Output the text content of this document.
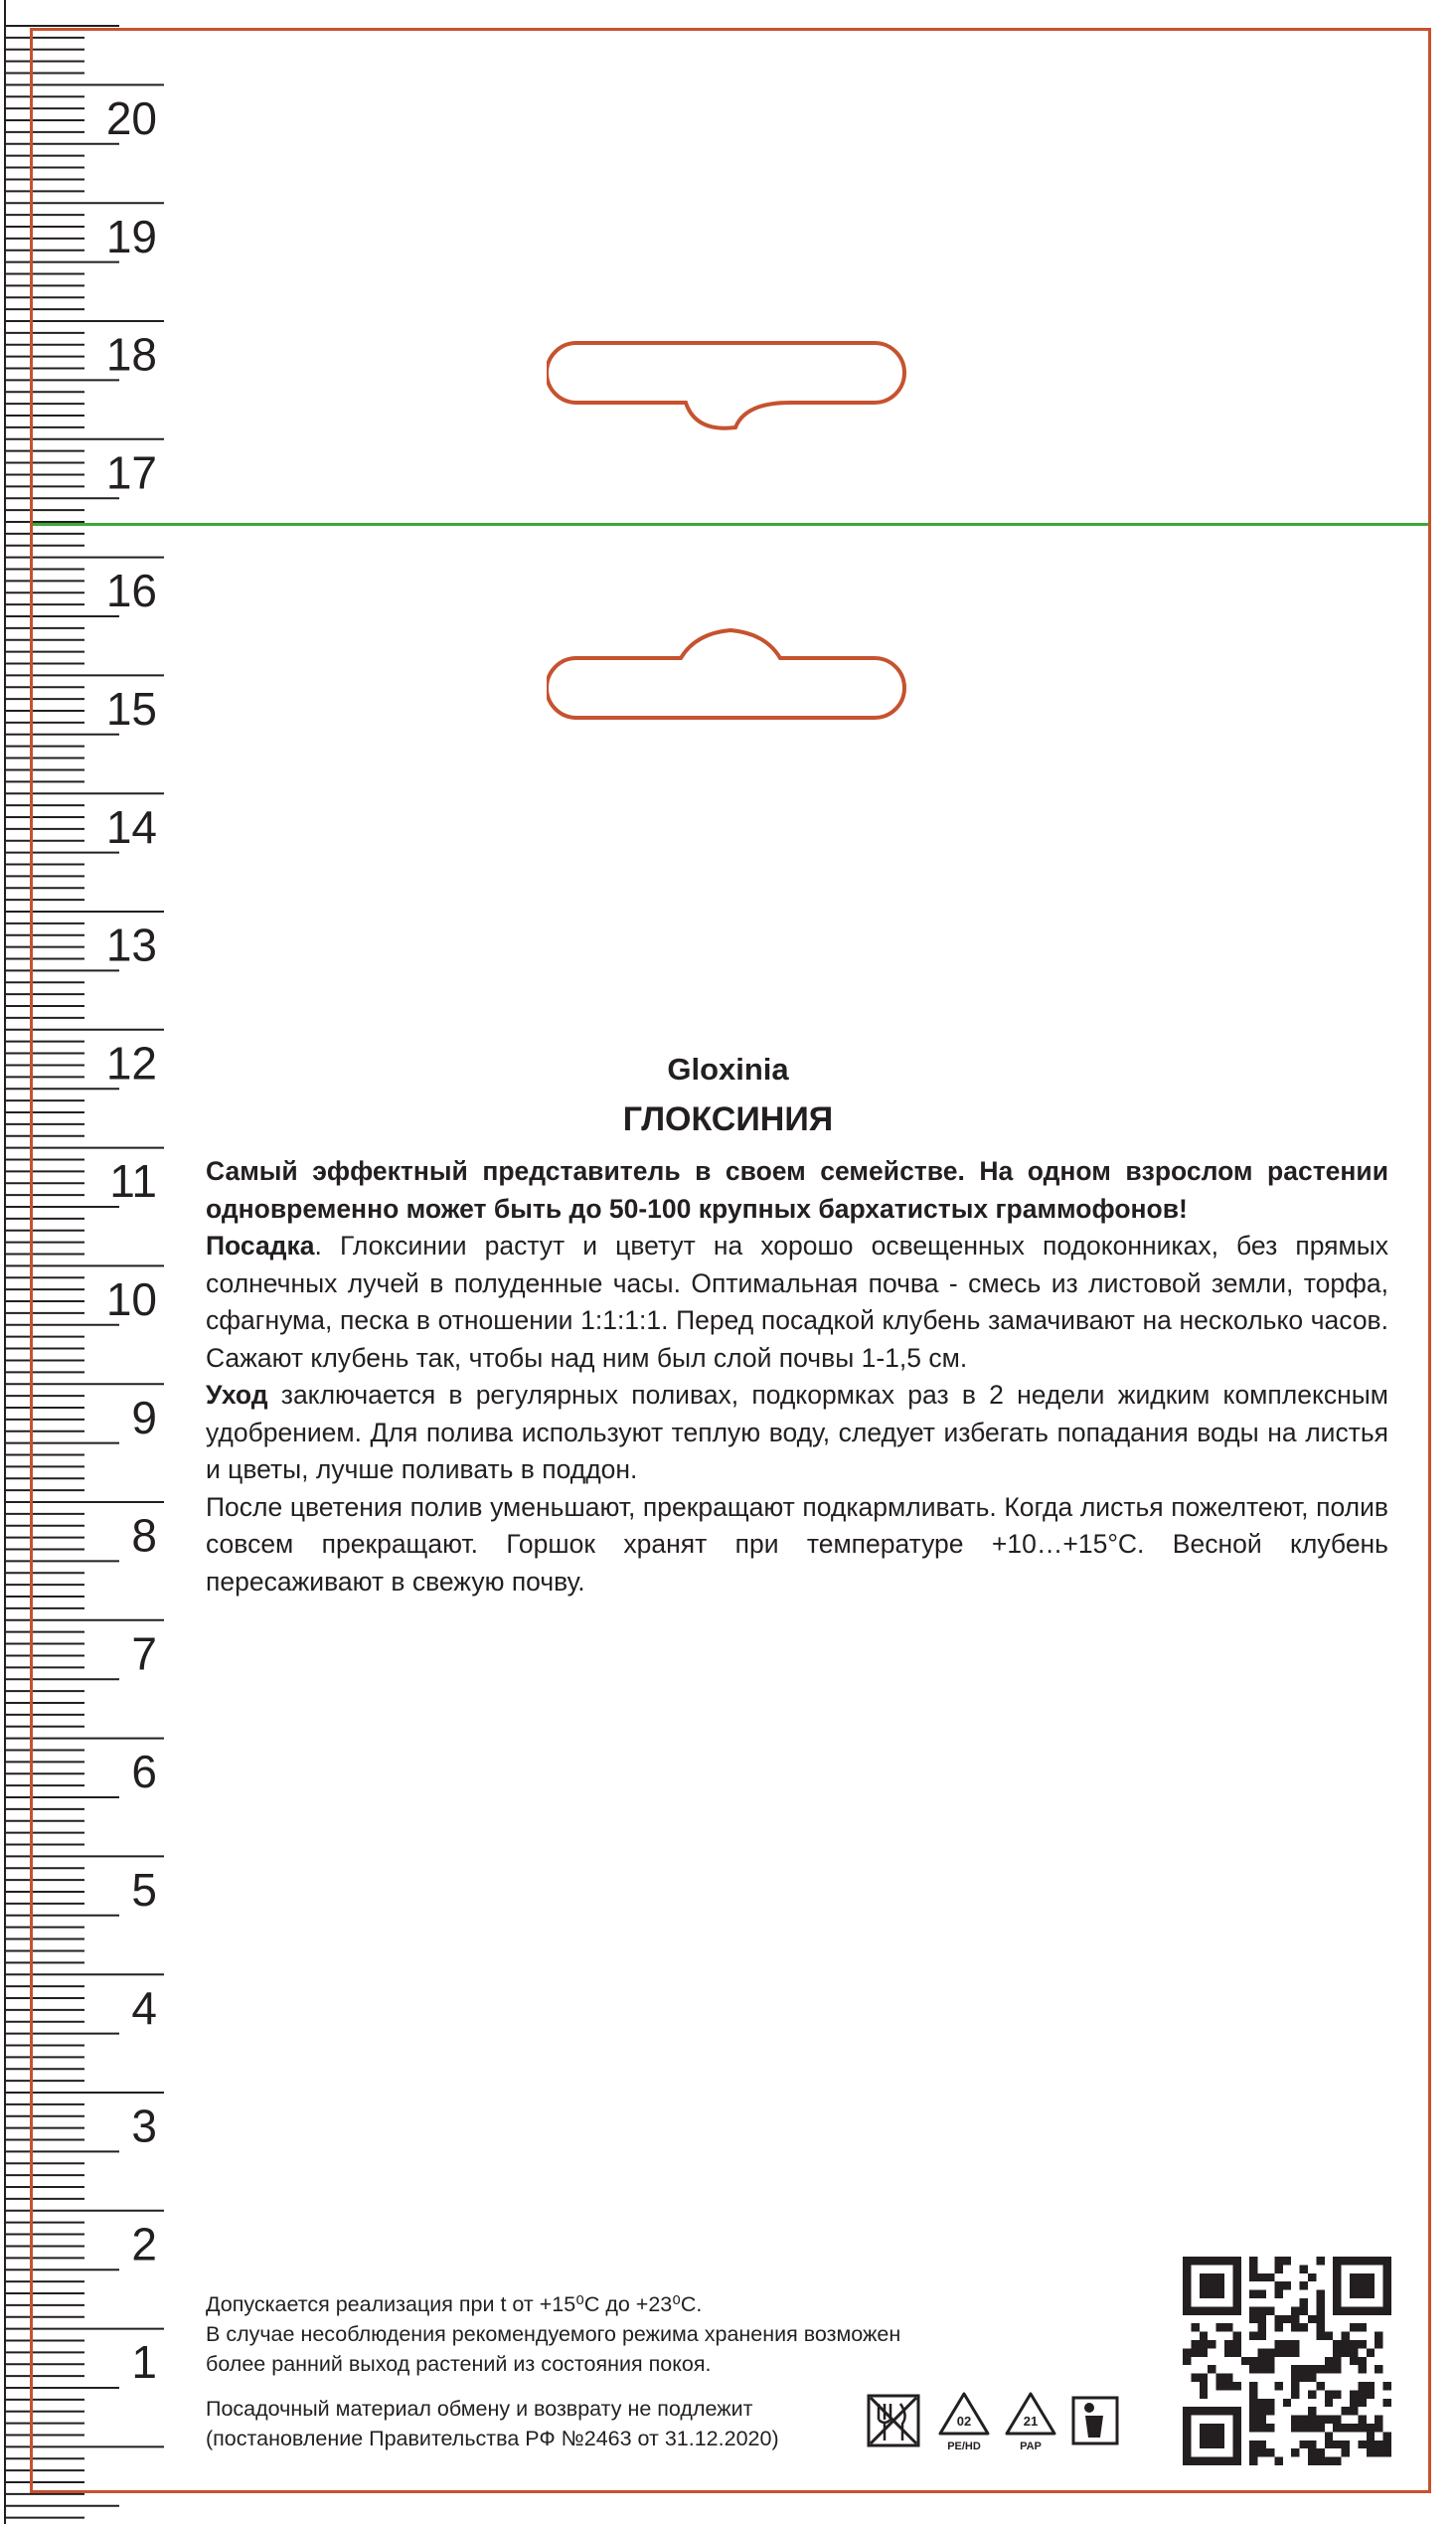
20
19
18
17
16
15
14
13
12
11
10
9
8
7
6
5
4
3
2
1
Gloxinia
ГЛОКСИНИЯ

Самый эффектный представитель в своем семействе. На одном взрослом растении одновременно может быть до 50-100 крупных бархатистых граммофонов!

Посадка. Глоксинии растут и цветут на хорошо освещенных подоконниках, без прямых солнечных лучей в полуденные часы. Оптимальная почва - смесь из листовой земли, торфа, сфагнума, песка в отношении 1:1:1:1. Перед посадкой клубень замачивают на несколько часов. Сажают клубень так, чтобы над ним был слой почвы 1-1,5 см.

Уход заключается в регулярных поливах, подкормках раз в 2 недели жидким комплексным удобрением. Для полива используют теплую воду, следует избегать попадания воды на листья и цветы, лучше поливать в поддон.

После цветения полив уменьшают, прекращают подкармливать. Когда листья пожелтеют, полив совсем прекращают. Горшок хранят при температуре +10…+15°С. Весной клубень пересаживают в свежую почву.

Допускается реализация при t от +15⁰С до +23⁰С.

В случае несоблюдения рекомендуемого режима хранения возможен

более ранний выход растений из состояния покоя.

Посадочный материал обмену и возврату не подлежит

(постановление Правительства РФ №2463 от 31.12.2020)

02
PE/HD
21
PAP
